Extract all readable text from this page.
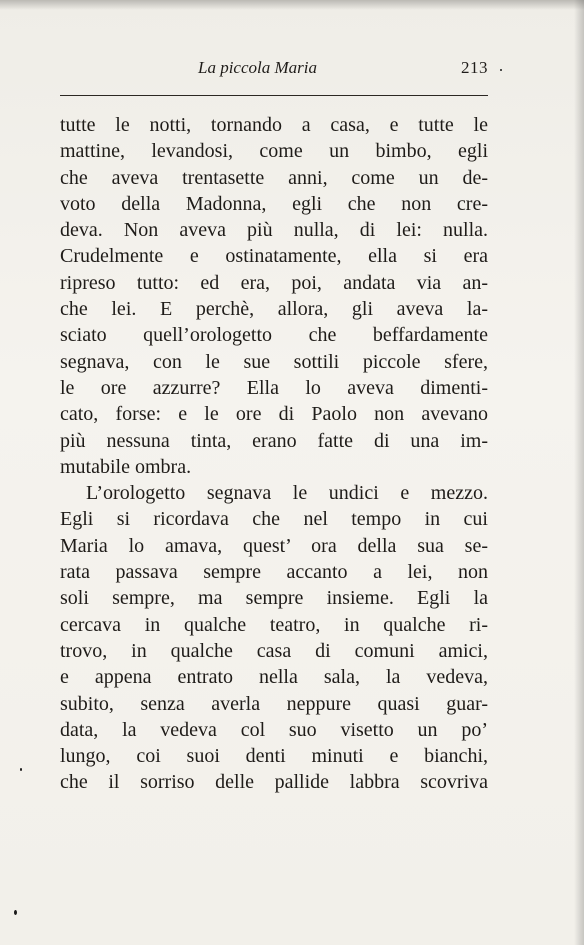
La piccola Maria	213
tutte le notti, tornando a casa, e tutte le
mattine, levandosi, come un bimbo, egli
che aveva trentasette anni, come un de-
voto della Madonna, egli che non cre-
deva. Non aveva più nulla, di lei: nulla.
Crudelmente e ostinatamente, ella si era
ripreso tutto: ed era, poi, andata via an-
che lei. E perchè, allora, gli aveva la-
sciato quell’orologetto che beffardamente
segnava, con le sue sottili piccole sfere,
le ore azzurre? Ella lo aveva dimenti-
cato, forse: e le ore di Paolo non avevano
più nessuna tinta, erano fatte di una im-
mutabile ombra.
L’orologetto segnava le undici e mezzo.
Egli si ricordava che nel tempo in cui
Maria lo amava, quest’ ora della sua se-
rata passava sempre accanto a lei, non
soli sempre, ma sempre insieme. Egli la
cercava in qualche teatro, in qualche ri-
trovo, in qualche casa di comuni amici,
e appena entrato nella sala, la vedeva,
subito, senza averla neppure quasi guar-
data, la vedeva col suo visetto un po’
lungo, coi suoi denti minuti e bianchi,
che il sorriso delle pallide labbra scovriva
